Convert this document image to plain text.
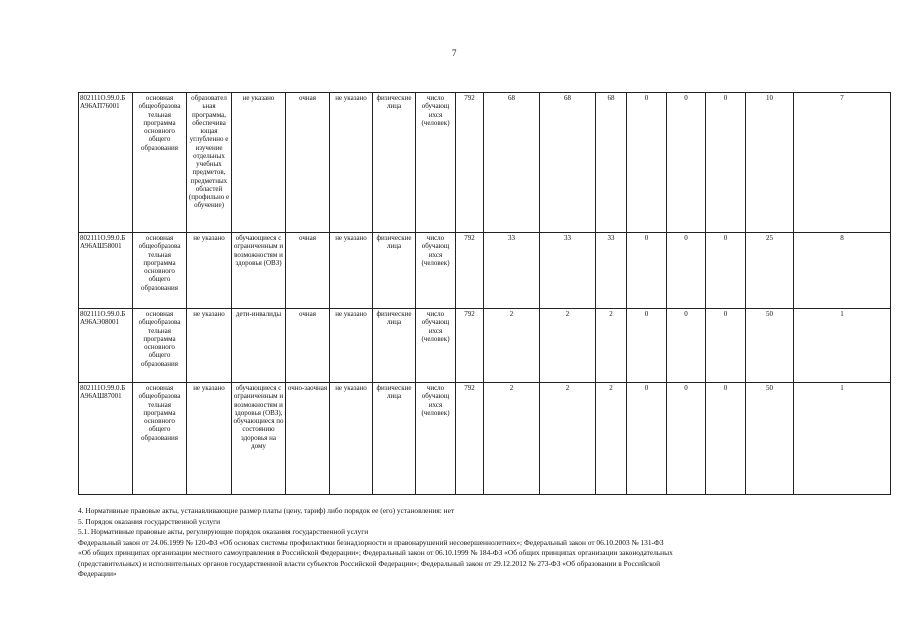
7
802111О.99.0.Б А96АП76001	основная общеобразова тельная программа основного общего образования	образовател ьная программа, обеспечива ющая углубленно е изучение отдельных учебных предметов, предметных областей (профильно е обучение)	не указано	очная	не указано	физические лица	число обучающ ихся (человек)	792	68	68	68	0	0	0	10	7
802111О.99.0.Б А96АШ58001	основная общеобразова тельная программа основного общего образования	не указано	обучающиеся с ограниченным и возможностям и здоровья (ОВЗ)	очная	не указано	физические лица	число обучающ ихся (человек)	792	33	33	33	0	0	0	25	8
802111О.99.0.Б А96АЭ08001	основная общеобразова тельная программа основного общего образования	не указано	дети-инвалиды	очная	не указано	физические лица	число обучающ ихся (человек)	792	2	2	2	0	0	0	50	1
802111О.99.0.Б А96АШ87001	основная общеобразова тельная программа основного общего образования	не указано	обучающиеся с ограниченным и возможностям и здоровья (ОВЗ), обучающиеся по состоянию здоровья на дому	очно-заочная	не указано	физические лица	число обучающ ихся (человек)	792	2	2	2	0	0	0	50	1
4. Нормативные правовые акты, устанавливающие размер платы (цену, тариф) либо порядок ее (его) установления: нет
5. Порядок оказания государственной услуги
5.1. Нормативные правовые акты, регулирующие порядок оказания государственной услуги
Федеральный закон от 24.06.1999 № 120-ФЗ «Об основах системы профилактики безнадзорности и правонарушений несовершеннолетних»; Федеральный закон от 06.10.2003 № 131-ФЗ
«Об общих принципах организации местного самоуправления в Российской Федерации»; Федеральный закон от 06.10.1999 № 184-ФЗ «Об общих принципах организации законодательных
(представительных) и исполнительных органов государственной власти субъектов Российской Федерации»; Федеральный закон от 29.12.2012 № 273-ФЗ «Об образовании в Российской
Федерации»
